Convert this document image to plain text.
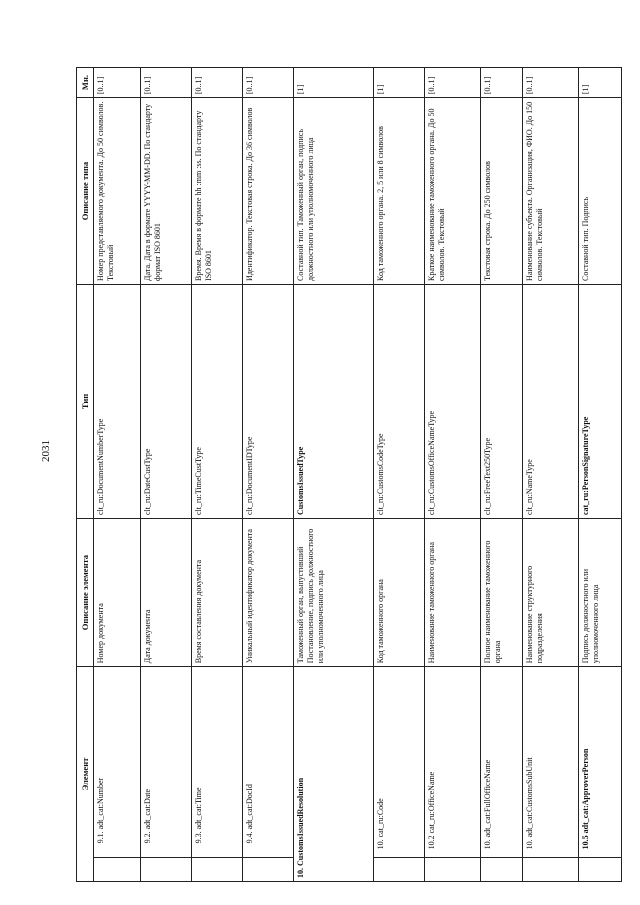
2031
Элемент		Описание элемента	Тип	Описание типа	Мн.
	9.1. adt_cat:Number	Номер документа	clt_ru:DocumentNumberType	Номер представляемого документа. До 50 символов. Текстовый	[0..1]
	9.2. adt_cat:Date	Дата документа	clt_ru:DateCustType	Дата. Дата в формате YYYY-MM-DD. По стандарту формат ISO 8601	[0..1]
	9.3. adt_cat:Time	Время составления документа	clt_ru:TimeCustType	Время. Время в формате hh :mm :ss. По стандарту ISO 8601	[0..1]
	9.4. adt_cat:DocId	Уникальный идентификатор документа	clt_ru:DocumentIDType	Идентификатор. Текстовая строка. До 36 символов	[0..1]
10. CustomsIssuedResolution		Таможенный орган, выпустивший Постановление, подпись должностного или уполномоченного лица	CustomsIssuedType	Составной тип. Таможенный орган, подпись должностного или уполномоченного лица	[1]
	10. cat_ru:Code	Код таможенного органа	clt_ru:CustomsCodeType	Код таможенного органа. 2, 5 или 8 символов	[1]
	10.2 cat_ru:OfficeName	Наименование таможенного органа	clt_ru:CustomsOfficeNameType	Краткое наименование таможенного органа. До 50 символов. Текстовый	[0..1]
	10. adt_cat:FullOfficeName	Полное наименование таможенного органа	clt_ru:FreeText250Type	Текстовая строка. До 250 символов	[0..1]
	10. adt_cat:CustomsSubUnit	Наименование структурного подразделения	clt_ru:NameType	Наименование субъекта. Организация, ФИО. До 150 символов. Текстовый	[0..1]
	10.5 adt_cat:ApproverPerson	Подпись должностного или уполномоченного лица	cat_ru:PersonSignatureType	Составной тип. Подпись	[1]
